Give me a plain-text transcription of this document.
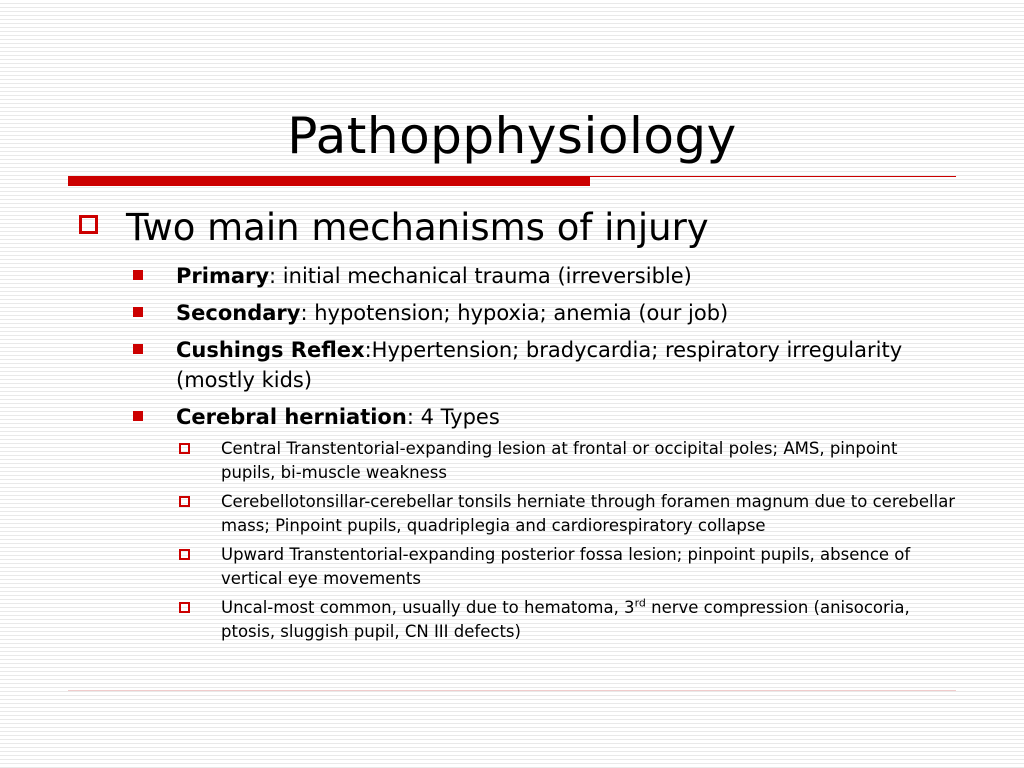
Pathopphysiology
Two main mechanisms of injury
Primary: initial mechanical trauma (irreversible)
Secondary: hypotension; hypoxia; anemia (our job)
Cushings Reflex:Hypertension; bradycardia; respiratory irregularity (mostly kids)
Cerebral herniation: 4 Types
Central Transtentorial-expanding lesion at frontal or occipital poles; AMS, pinpoint pupils, bi-muscle weakness
Cerebellotonsillar-cerebellar tonsils herniate through foramen magnum due to cerebellar mass; Pinpoint pupils, quadriplegia and cardiorespiratory collapse
Upward Transtentorial-expanding posterior fossa lesion; pinpoint pupils, absence of vertical eye movements
Uncal-most common, usually due to hematoma, 3rd nerve compression (anisocoria, ptosis, sluggish pupil, CN III defects)
